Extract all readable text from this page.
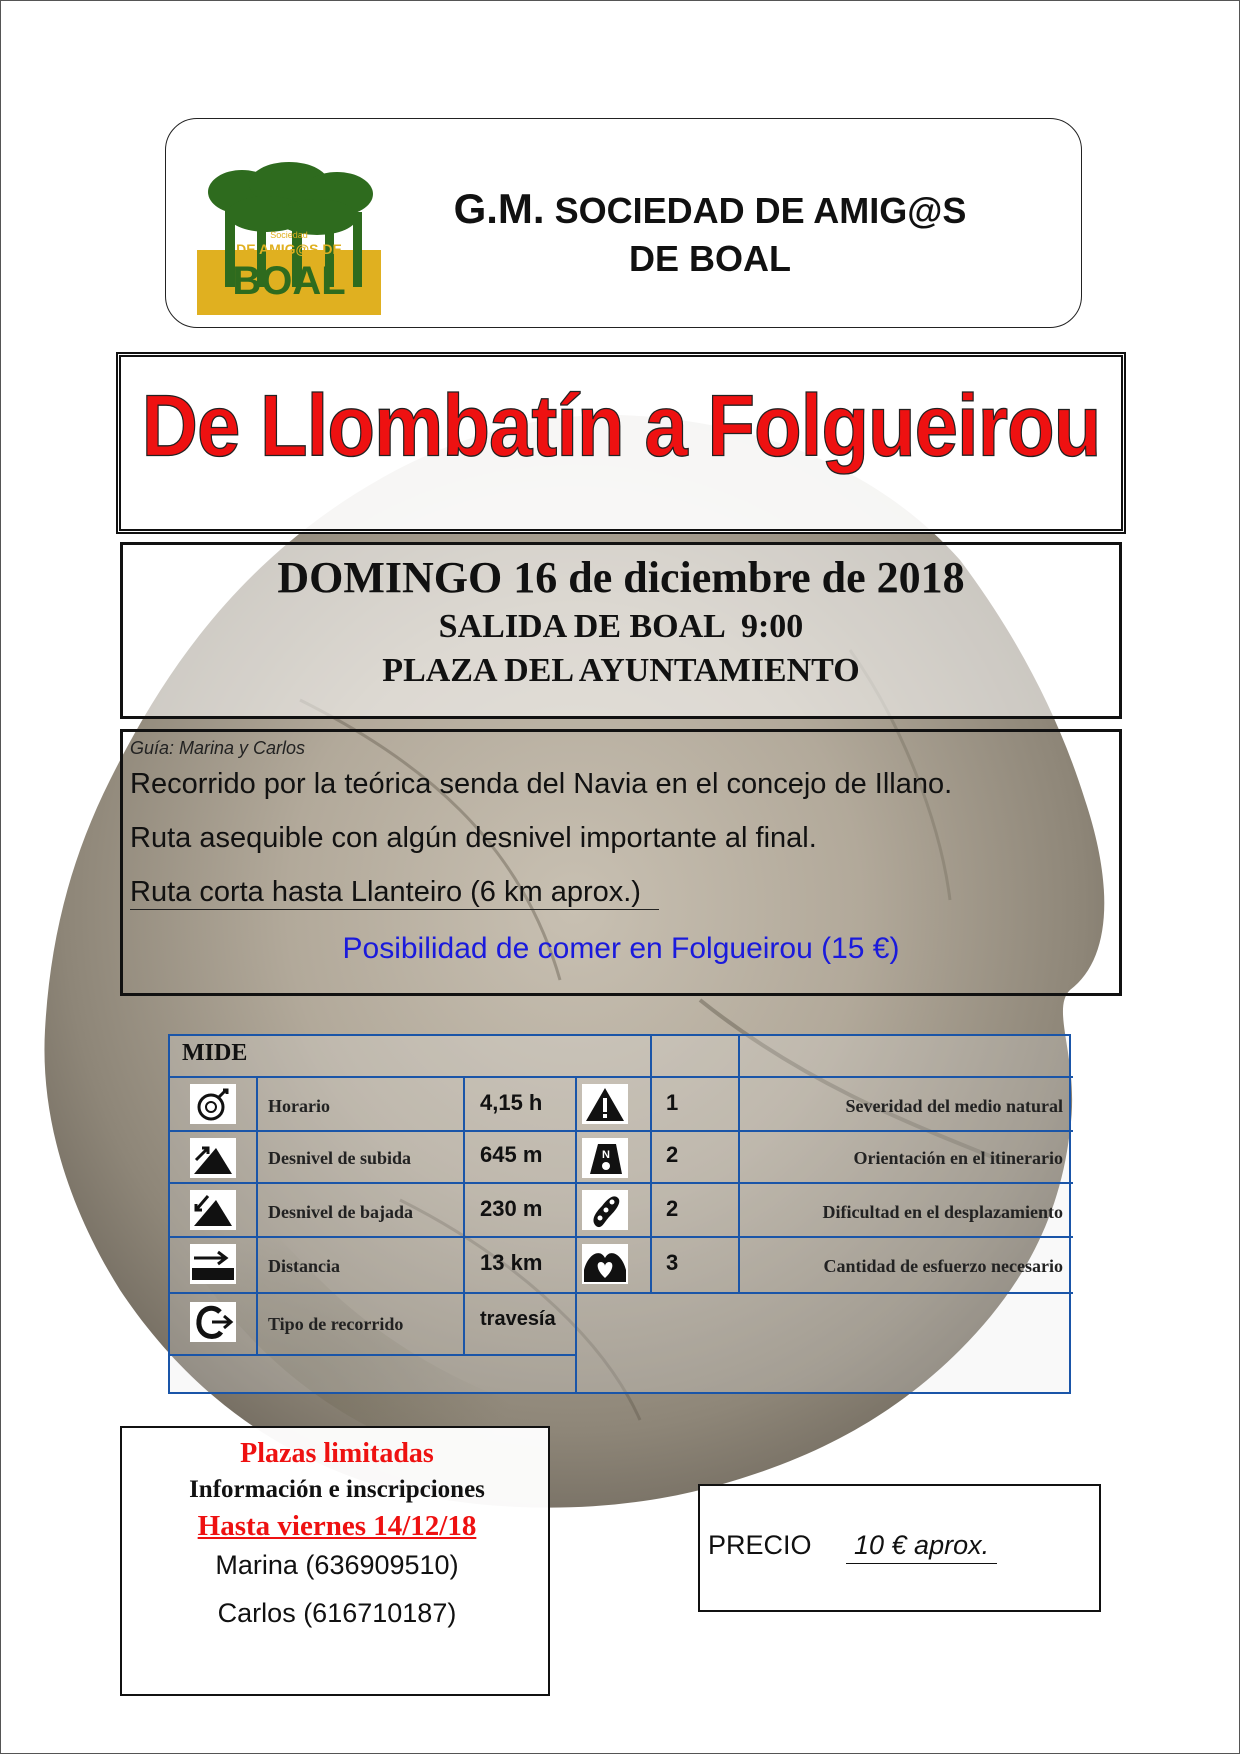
Sociedad
DE AMIG@S DE
BOAL
G.M. SOCIEDAD DE AMIG@S
DE BOAL
De Llombatín a Folgueirou
DOMINGO 16 de diciembre de 2018
SALIDA DE BOAL  9:00
PLAZA DEL AYUNTAMIENTO
Guía: Marina y Carlos
Recorrido por la teórica senda del Navia en el concejo de Illano.
Ruta asequible con algún desnivel importante al final.
Ruta corta hasta Llanteiro (6 km aprox.)
Posibilidad de comer en Folgueirou (15 €)
MIDE
Horario	4,15 h	1	Severidad del medio natural
Desnivel de subida	645 m	N	2	Orientación en el itinerario
Desnivel de bajada	230 m	2	Dificultad en el desplazamiento
Distancia	13 km	3	Cantidad de esfuerzo necesario
Tipo de recorrido	travesía
Plazas limitadas
Información e inscripciones
Hasta viernes 14/12/18
Marina (636909510)
Carlos (616710187)
PRECIO 10 € aprox.
